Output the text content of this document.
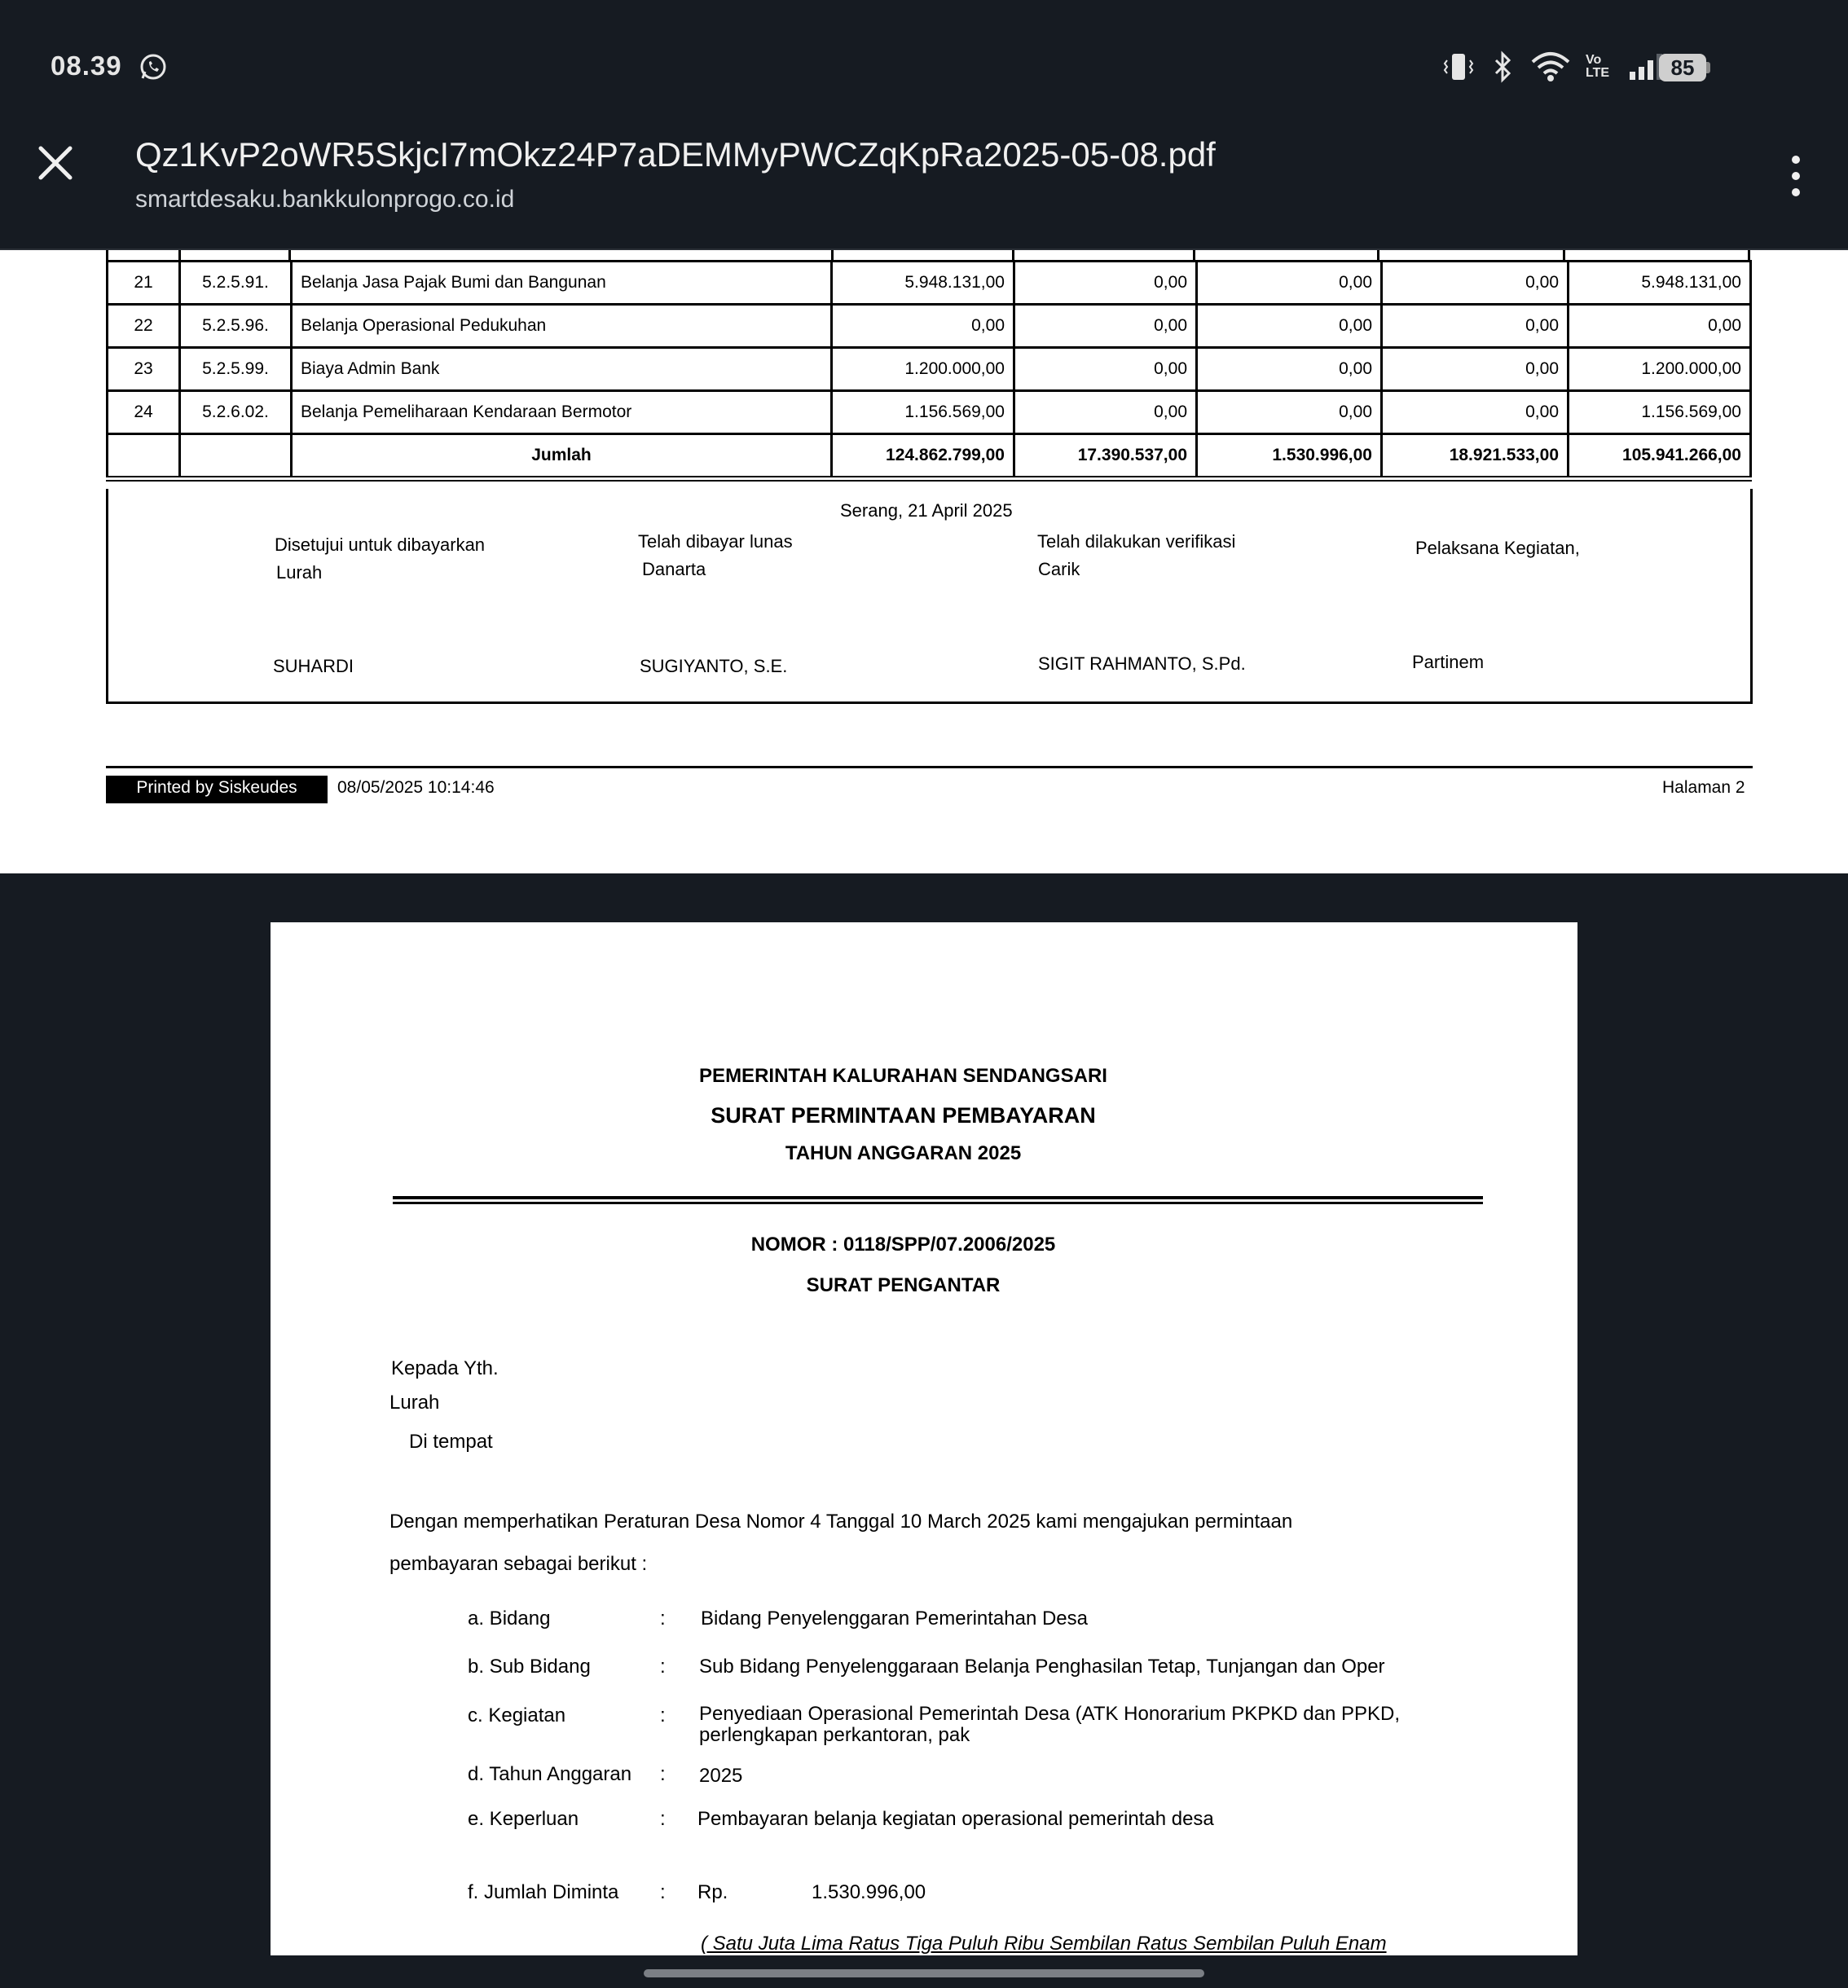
08.39	Vo LTE	85
Qz1KvP2oWR5SkjcI7mOkz24P7aDEMMyPWCZqKpRa2025-05-08.pdf
smartdesaku.bankkulonprogo.co.id
21	5.2.5.91.	Belanja Jasa Pajak Bumi dan Bangunan	5.948.131,00	0,00	0,00	0,00	5.948.131,00
22	5.2.5.96.	Belanja Operasional Pedukuhan	0,00	0,00	0,00	0,00	0,00
23	5.2.5.99.	Biaya Admin Bank	1.200.000,00	0,00	0,00	0,00	1.200.000,00
24	5.2.6.02.	Belanja Pemeliharaan Kendaraan Bermotor	1.156.569,00	0,00	0,00	0,00	1.156.569,00
		Jumlah	124.862.799,00	17.390.537,00	1.530.996,00	18.921.533,00	105.941.266,00
Serang, 21 April 2025
Disetujui untuk dibayarkan
Lurah
SUHARDI
Telah dibayar lunas
Danarta
SUGIYANTO, S.E.
Telah dilakukan verifikasi
Carik
SIGIT RAHMANTO, S.Pd.
Pelaksana Kegiatan,
Partinem
Printed by Siskeudes	08/05/2025 10:14:46	Halaman 2
PEMERINTAH KALURAHAN SENDANGSARI
SURAT PERMINTAAN PEMBAYARAN
TAHUN ANGGARAN 2025
NOMOR : 0118/SPP/07.2006/2025
SURAT PENGANTAR
Kepada Yth.
Lurah
Di tempat
Dengan memperhatikan Peraturan Desa Nomor 4 Tanggal 10 March 2025 kami mengajukan permintaan
pembayaran sebagai berikut :
a. Bidang	: Bidang Penyelenggaran Pemerintahan Desa
b. Sub Bidang	: Sub Bidang Penyelenggaraan Belanja Penghasilan Tetap, Tunjangan dan Oper
c. Kegiatan	: Penyediaan Operasional Pemerintah Desa (ATK Honorarium PKPKD dan PPKD,
perlengkapan perkantoran, pak
d. Tahun Anggaran : 2025
e. Keperluan	: Pembayaran belanja kegiatan operasional pemerintah desa
f. Jumlah Diminta : Rp.	1.530.996,00
( Satu Juta Lima Ratus Tiga Puluh Ribu Sembilan Ratus Sembilan Puluh Enam
